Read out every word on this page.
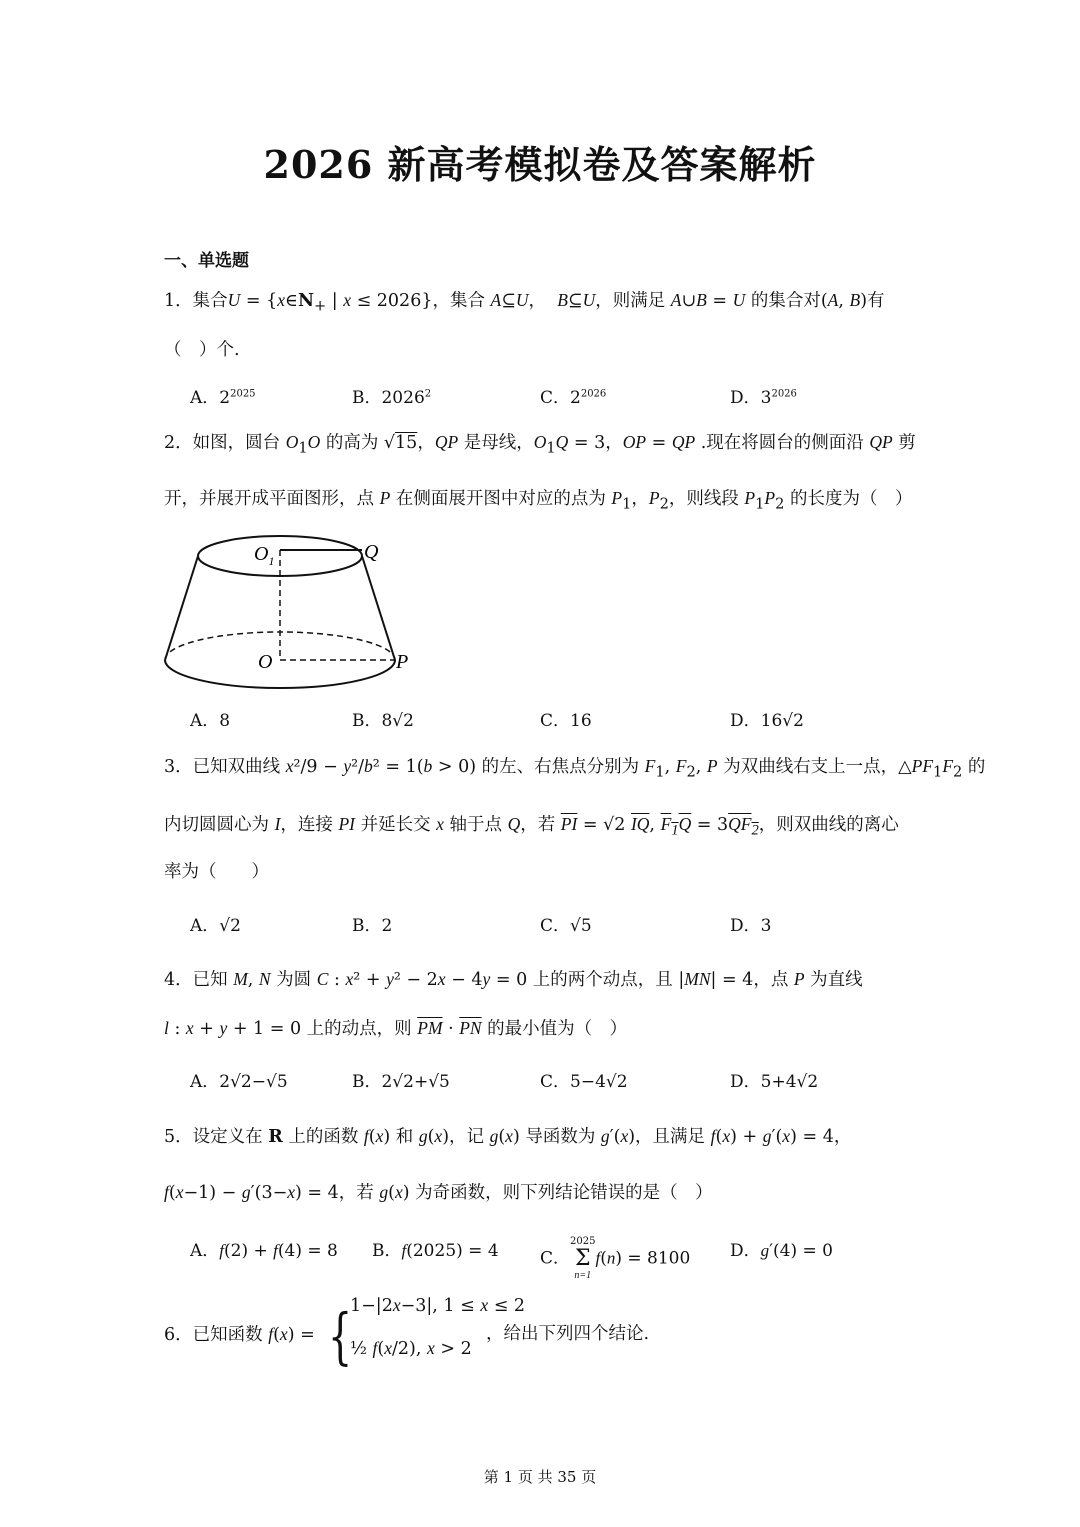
2026 新高考模拟卷及答案解析
一、单选题
1．集合$U = \{x\in N_+$ | x ≤ 2026}，集合 A⊆U，  B⊆U，则满足 A∪B = U 的集合对(A, B)有
（　）个.
A．$2^{2025}$	B．2026$^2$	C．$2^{2026}$	D．$3^{2026}$
2．如图，圆台 $O_1O$ 的高为 √15，QP 是母线，$O_1Q = 3$，OP = QP .现在将圆台的侧面沿 QP 剪
开，并展开成平面图形，点 P 在侧面展开图中对应的点为 $P_1$，$P_2$，则线段 $P_1P_2$ 的长度为（　）
$O_1$	Q
O	P
A．8	B．8√2	C．16	D．16√2
3．已知双曲线 x²/9 − y²/b² = 1(b > 0) 的左、右焦点分别为 $F_1$, $F_2$, P 为双曲线右支上一点，$\triangle PF_1F_2$ 的
内切圆圆心为 I，连接 PI 并延长交 x 轴于点 Q，若 $\overline{PI} = √2$ $\overline{IQ}$, $F_1Q = 3QF_2$，则双曲线的离心
率为（　　）
A．√2	B．2	C．√5	D．3
4．已知 M, N 为圆 C : x² + y² − 2x − 4y = 0 上的两个动点，且 |MN| = 4，点 P 为直线
l : x + y + 1 = 0 上的动点，则 $\overline{PM} \cdot \overline{PN}$ 的最小值为（　）
A．2√2−√5	B．2√2+√5	C．5−4√2	D．5+4√2
5．设定义在 R 上的函数 f(x) 和 g(x)，记 g(x) 导函数为 g′(x)，且满足 f(x) + g′(x) = 4，
f(x−1) − g′(3−x) = 4，若 g(x) 为奇函数，则下列结论错误的是（　）
A．f(2) + f(4) = 8 B．f(2025) = 4 C．
2025
Σ
n=1
f(n) = 8100 D．g′(4) = 0
6．已知函数 f(x) = {
1−|2x−3|, 1 ≤ x ≤ 2
½ f(x/2), x > 2
，给出下列四个结论.
第 1 页 共 35 页
